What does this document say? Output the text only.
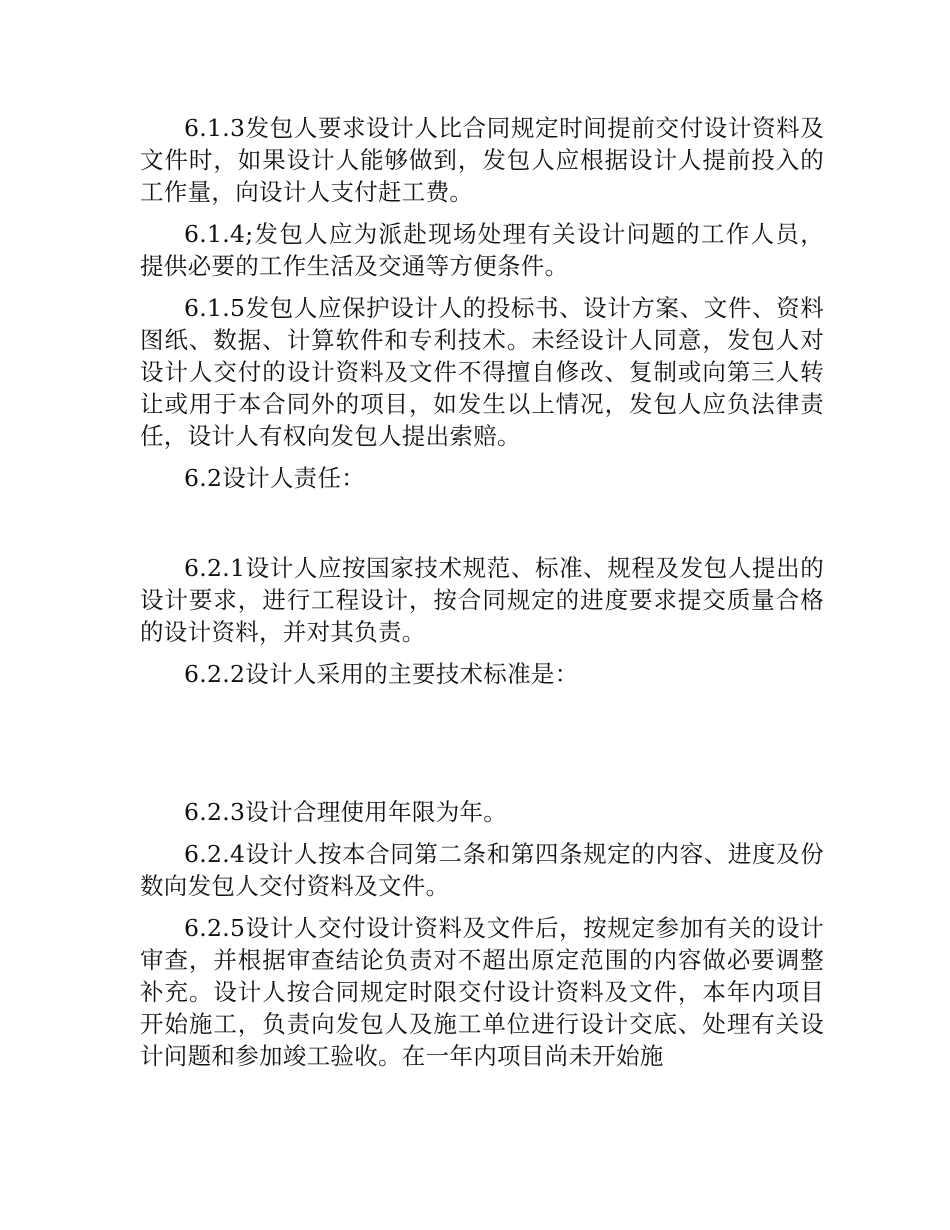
6.1.3发包人要求设计人比合同规定时间提前交付设计资料及文件时，如果设计人能够做到，发包人应根据设计人提前投入的工作量，向设计人支付赶工费。

6.1.4;发包人应为派赴现场处理有关设计问题的工作人员，提供必要的工作生活及交通等方便条件。

6.1.5发包人应保护设计人的投标书、设计方案、文件、资料图纸、数据、计算软件和专利技术。未经设计人同意，发包人对设计人交付的设计资料及文件不得擅自修改、复制或向第三人转让或用于本合同外的项目，如发生以上情况，发包人应负法律责任，设计人有权向发包人提出索赔。

6.2设计人责任：

6.2.1设计人应按国家技术规范、标准、规程及发包人提出的设计要求，进行工程设计，按合同规定的进度要求提交质量合格的设计资料，并对其负责。

6.2.2设计人采用的主要技术标准是：

6.2.3设计合理使用年限为年。

6.2.4设计人按本合同第二条和第四条规定的内容、进度及份数向发包人交付资料及文件。

6.2.5设计人交付设计资料及文件后，按规定参加有关的设计审查，并根据审查结论负责对不超出原定范围的内容做必要调整补充。设计人按合同规定时限交付设计资料及文件，本年内项目开始施工，负责向发包人及施工单位进行设计交底、处理有关设计问题和参加竣工验收。在一年内项目尚未开始施
